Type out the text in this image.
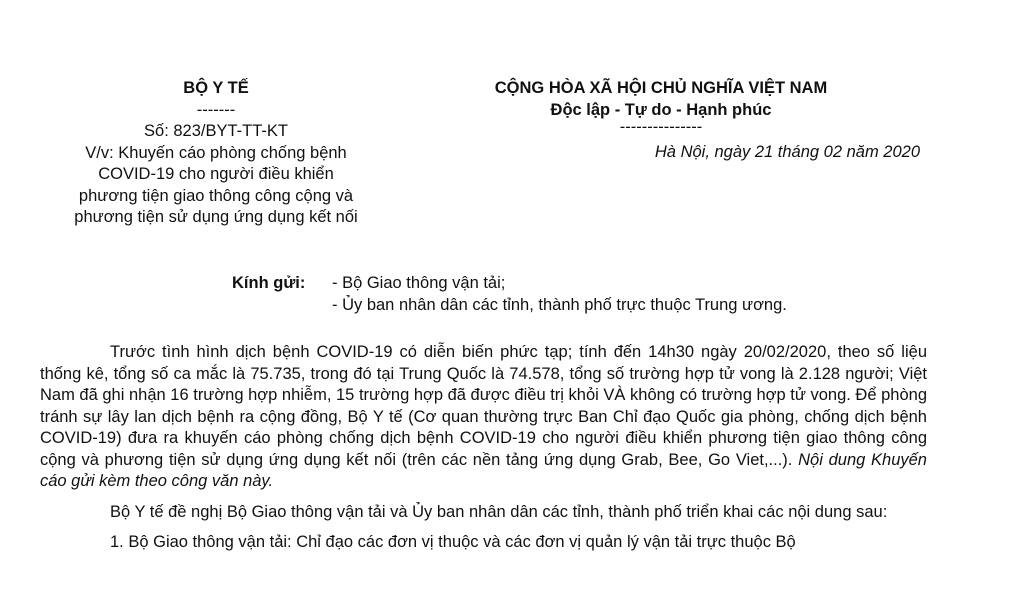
BỘ Y TẾ
-------
Số: 823/BYT-TT-KT
V/v: Khuyến cáo phòng chống bệnh
COVID-19 cho người điều khiển
phương tiện giao thông công cộng và
phương tiện sử dụng ứng dụng kết nối
CỘNG HÒA XÃ HỘI CHỦ NGHĨA VIỆT NAM
Độc lập - Tự do - Hạnh phúc
---------------
Hà Nội, ngày 21 tháng 02 năm 2020
Kính gửi:	- Bộ Giao thông vận tải;
- Ủy ban nhân dân các tỉnh, thành phố trực thuộc Trung ương.

Trước tình hình dịch bệnh COVID-19 có diễn biến phức tạp; tính đến 14h30 ngày 20/02/2020, theo số liệu thống kê, tổng số ca mắc là 75.735, trong đó tại Trung Quốc là 74.578, tổng số trường hợp tử vong là 2.128 người; Việt Nam đã ghi nhận 16 trường hợp nhiễm, 15 trường hợp đã được điều trị khỏi VÀ không có trường hợp tử vong. Để phòng tránh sự lây lan dịch bệnh ra cộng đồng, Bộ Y tế (Cơ quan thường trực Ban Chỉ đạo Quốc gia phòng, chống dịch bệnh COVID-19) đưa ra khuyến cáo phòng chống dịch bệnh COVID-19 cho người điều khiển phương tiện giao thông công cộng và phương tiện sử dụng ứng dụng kết nối (trên các nền tảng ứng dụng Grab, Bee, Go Viet,...). Nội dung Khuyến cáo gửi kèm theo công văn này.

Bộ Y tế đề nghị Bộ Giao thông vận tải và Ủy ban nhân dân các tỉnh, thành phố triển khai các nội dung sau:

1. Bộ Giao thông vận tải: Chỉ đạo các đơn vị thuộc và các đơn vị quản lý vận tải trực thuộc Bộ
